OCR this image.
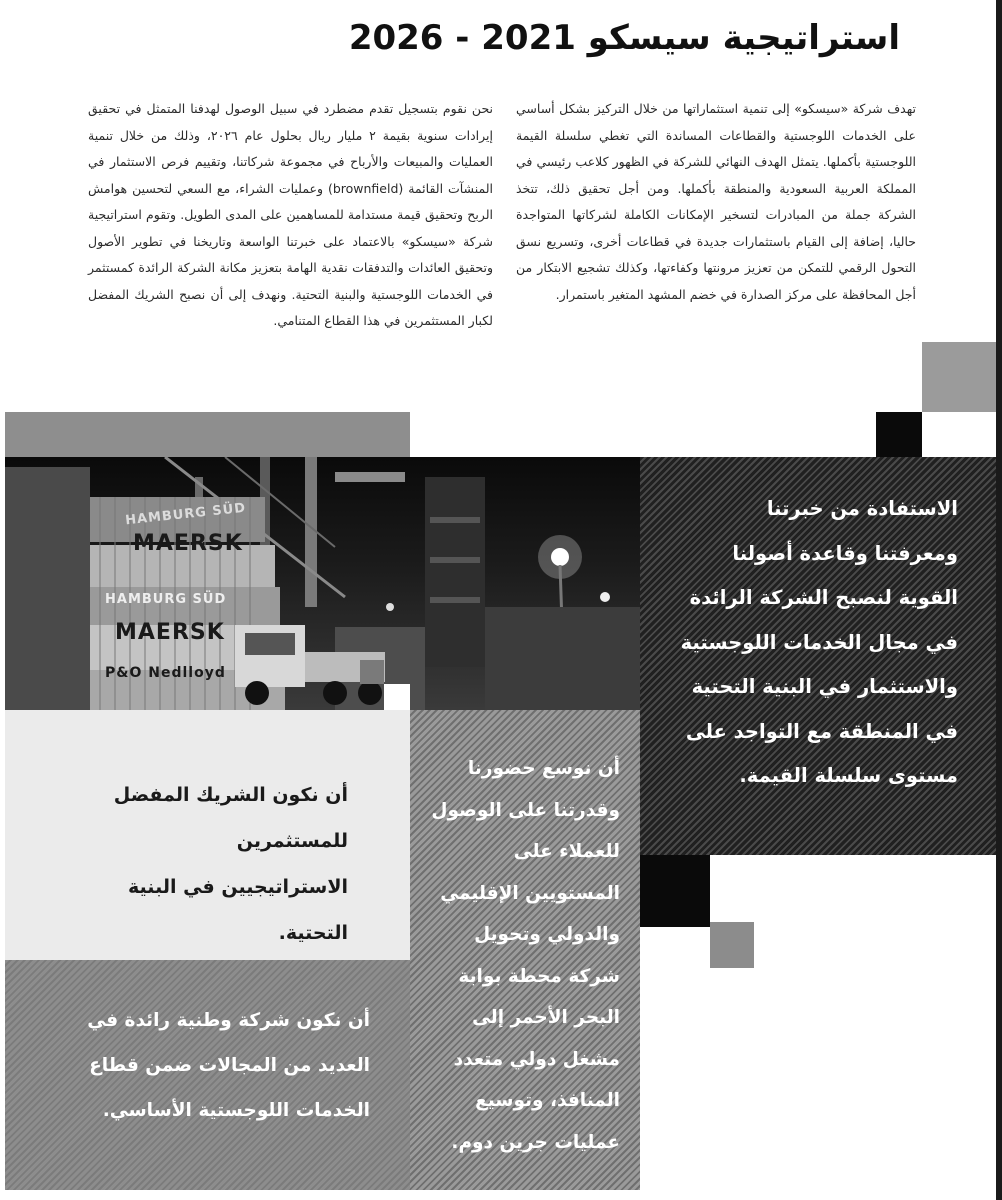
استراتيجية سيسكو 2021 - 2026
تهدف شركة «سيسكو» إلى تنمية استثماراتها من خلال التركيز بشكل أساسي على الخدمات اللوجستية والقطاعات المساندة التي تغطي سلسلة القيمة اللوجستية بأكملها. يتمثل الهدف النهائي للشركة في الظهور كلاعب رئيسي في المملكة العربية السعودية والمنطقة بأكملها. ومن أجل تحقيق ذلك، تتخذ الشركة جملة من المبادرات لتسخير الإمكانات الكاملة لشركاتها المتواجدة حاليا، إضافة إلى القيام باستثمارات جديدة في قطاعات أخرى، وتسريع نسق التحول الرقمي للتمكن من تعزيز مرونتها وكفاءتها، وكذلك تشجيع الابتكار من أجل المحافظة على مركز الصدارة في خضم المشهد المتغير باستمرار.
نحن نقوم بتسجيل تقدم مضطرد في سبيل الوصول لهدفنا المتمثل في تحقيق إيرادات سنوية بقيمة ٢ مليار ريال بحلول عام ٢٠٢٦، وذلك من خلال تنمية العمليات والمبيعات والأرباح في مجموعة شركاتنا، وتقييم فرص الاستثمار في المنشآت القائمة (brownfield) وعمليات الشراء، مع السعي لتحسين هوامش الربح وتحقيق قيمة مستدامة للمساهمين على المدى الطويل. وتقوم استراتيجية شركة «سيسكو» بالاعتماد على خبرتنا الواسعة وتاريخنا في تطوير الأصول وتحقيق العائدات والتدفقات نقدية الهامة بتعزيز مكانة الشركة الرائدة كمستثمر في الخدمات اللوجستية والبنية التحتية. ونهدف إلى أن نصبح الشريك المفضل لكبار المستثمرين في هذا القطاع المتنامي.
HAMBURG SÜD
MAERSK
HAMBURG SÜD
MAERSK
P&O Nedlloyd
الاستفادة من خبرتنا ومعرفتنا وقاعدة أصولنا القوية لنصبح الشركة الرائدة في مجال الخدمات اللوجستية والاستثمار في البنية التحتية في المنطقة مع التواجد على مستوى سلسلة القيمة.
أن نكون الشريك المفضل للمستثمرين الاستراتيجيين في البنية التحتية.
أن نوسع حضورنا وقدرتنا على الوصول للعملاء على المستويين الإقليمي والدولي وتحويل شركة محطة بوابة البحر الأحمر إلى مشغل دولي متعدد المنافذ، وتوسيع عمليات جرين دوم.
أن نكون شركة وطنية رائدة في العديد من المجالات ضمن قطاع الخدمات اللوجستية الأساسي.
